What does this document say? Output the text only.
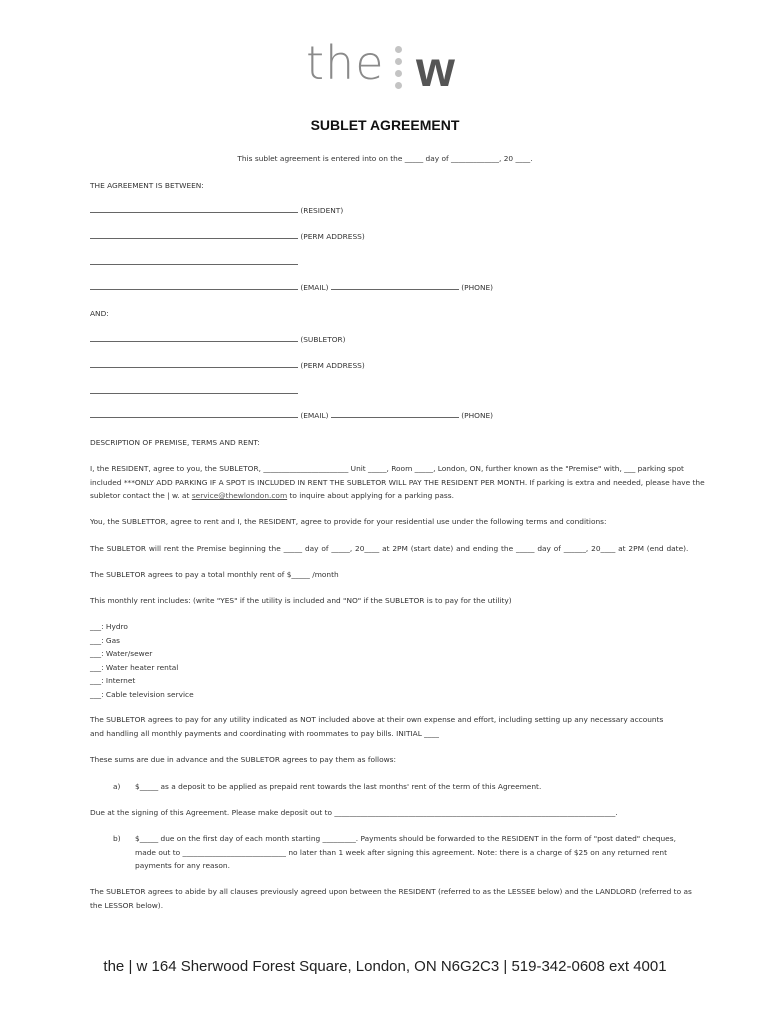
the w
SUBLET AGREEMENT
This sublet agreement is entered into on the _____ day of _____________, 20 ____.
THE AGREEMENT IS BETWEEN:
(RESIDENT)
(PERM ADDRESS)
(EMAIL)	(PHONE)
AND:
(SUBLETOR)
(PERM ADDRESS)
(EMAIL)	(PHONE)
DESCRIPTION OF PREMISE, TERMS AND RENT:
I, the RESIDENT, agree to you, the SUBLETOR, _______________________ Unit _____, Room _____, London, ON, further known as the "Premise" with, ___ parking spot
included ***ONLY ADD PARKING IF A SPOT IS INCLUDED IN RENT THE SUBLETOR WILL PAY THE RESIDENT PER MONTH. If parking is extra and needed, please have the
subletor contact the | w. at service@thewlondon.com to inquire about applying for a parking pass.
You, the SUBLETTOR, agree to rent and I, the RESIDENT, agree to provide for your residential use under the following terms and conditions:
The SUBLETOR will rent the Premise beginning the _____ day of _____, 20____ at 2PM (start date) and ending the _____ day of ______, 20____ at 2PM (end date).
The SUBLETOR agrees to pay a total monthly rent of $_____ /month
This monthly rent includes: (write "YES" if the utility is included and "NO" if the SUBLETOR is to pay for the utility)
___: Hydro
___: Gas
___: Water/sewer
___: Water heater rental
___: Internet
___: Cable television service
The SUBLETOR agrees to pay for any utility indicated as NOT included above at their own expense and effort, including setting up any necessary accounts
and handling all monthly payments and coordinating with roommates to pay bills. INITIAL ____
These sums are due in advance and the SUBLETOR agrees to pay them as follows:
a) $_____ as a deposit to be applied as prepaid rent towards the last months' rent of the term of this Agreement.
Due at the signing of this Agreement. Please make deposit out to ____________________________________________________________________________.
b) $_____ due on the first day of each month starting _________. Payments should be forwarded to the RESIDENT in the form of "post dated" cheques,
made out to ____________________________ no later than 1 week after signing this agreement. Note: there is a charge of $25 on any returned rent
payments for any reason.
The SUBLETOR agrees to abide by all clauses previously agreed upon between the RESIDENT (referred to as the LESSEE below) and the LANDLORD (referred to as
the LESSOR below).
the | w 164 Sherwood Forest Square, London, ON N6G2C3 | 519-342-0608 ext 4001
